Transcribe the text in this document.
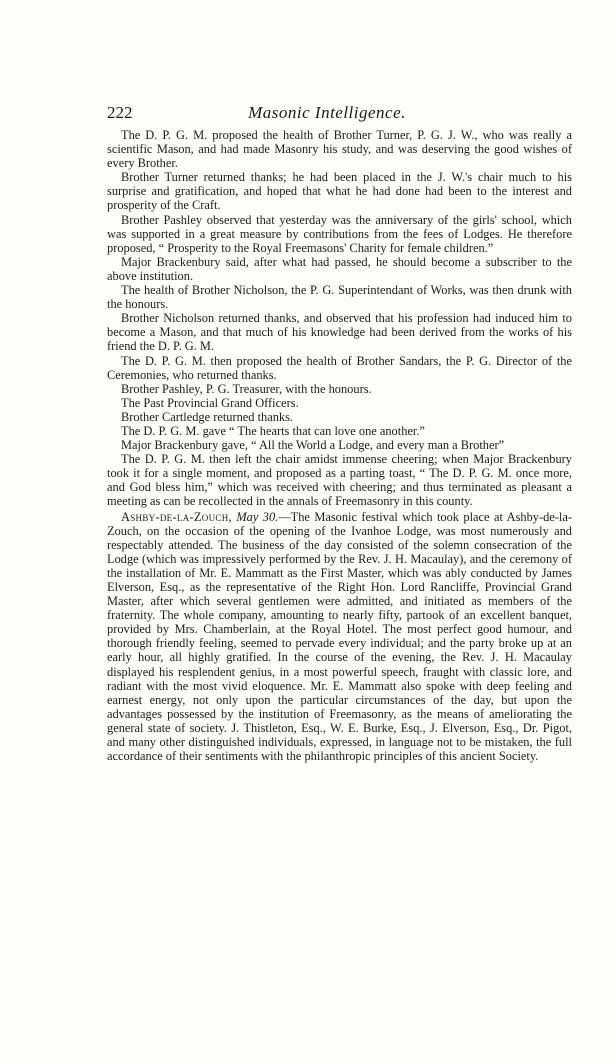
222	Masonic Intelligence.

The D. P. G. M. proposed the health of Brother Turner, P. G. J. W., who was really a scientific Mason, and had made Masonry his study, and was deserving the good wishes of every Brother.

Brother Turner returned thanks; he had been placed in the J. W.'s chair much to his surprise and gratification, and hoped that what he had done had been to the interest and prosperity of the Craft.

Brother Pashley observed that yesterday was the anniversary of the girls' school, which was supported in a great measure by contributions from the fees of Lodges. He therefore proposed, “ Prosperity to the Royal Freemasons' Charity for female children.”

Major Brackenbury said, after what had passed, he should become a subscriber to the above institution.

The health of Brother Nicholson, the P. G. Superintendant of Works, was then drunk with the honours.

Brother Nicholson returned thanks, and observed that his profession had induced him to become a Mason, and that much of his knowledge had been derived from the works of his friend the D. P. G. M.

The D. P. G. M. then proposed the health of Brother Sandars, the P. G. Director of the Ceremonies, who returned thanks.

Brother Pashley, P. G. Treasurer, with the honours.

The Past Provincial Grand Officers.

Brother Cartledge returned thanks.

The D. P. G. M. gave “ The hearts that can love one another.”

Major Brackenbury gave, “ All the World a Lodge, and every man a Brother”

The D. P. G. M. then left the chair amidst immense cheering; when Major Brackenbury took it for a single moment, and proposed as a parting toast, “ The D. P. G. M. once more, and God bless him,” which was received with cheering; and thus terminated as pleasant a meeting as can be recollected in the annals of Freemasonry in this county.

Ashby-de-la-Zouch, May 30.—The Masonic festival which took place at Ashby-de-la-Zouch, on the occasion of the opening of the Ivanhoe Lodge, was most numerously and respectably attended. The business of the day consisted of the solemn consecration of the Lodge (which was impressively performed by the Rev. J. H. Macaulay), and the ceremony of the installation of Mr. E. Mammatt as the First Master, which was ably conducted by James Elverson, Esq., as the representative of the Right Hon. Lord Rancliffe, Provincial Grand Master, after which several gentlemen were admitted, and initiated as members of the fraternity. The whole company, amounting to nearly fifty, partook of an excellent banquet, provided by Mrs. Chamberlain, at the Royal Hotel. The most perfect good humour, and thorough friendly feeling, seemed to pervade every individual; and the party broke up at an early hour, all highly gratified. In the course of the evening, the Rev. J. H. Macaulay displayed his resplendent genius, in a most powerful speech, fraught with classic lore, and radiant with the most vivid eloquence. Mr. E. Mammatt also spoke with deep feeling and earnest energy, not only upon the particular circumstances of the day, but upon the advantages possessed by the institution of Freemasonry, as the means of ameliorating the general state of society. J. Thistleton, Esq., W. E. Burke, Esq., J. Elverson, Esq., Dr. Pigot, and many other distinguished individuals, expressed, in language not to be mistaken, the full accordance of their sentiments with the philanthropic principles of this ancient Society.
